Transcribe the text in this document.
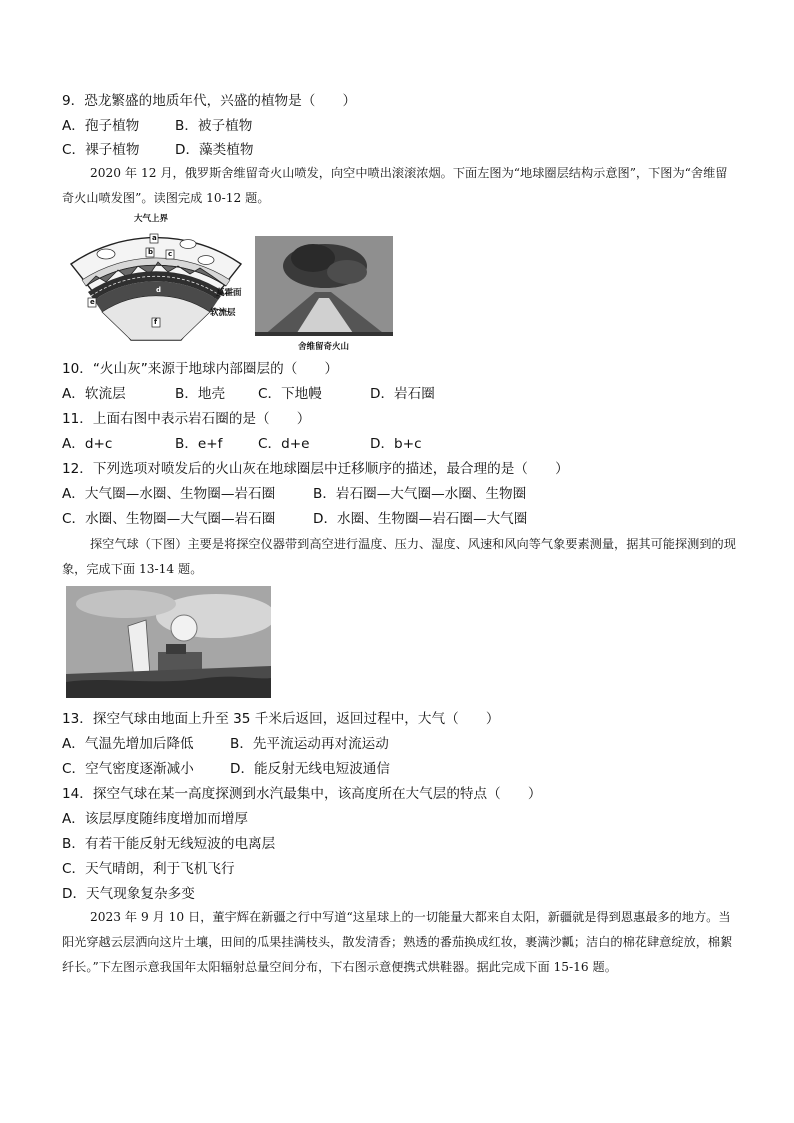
9．恐龙繁盛的地质年代，兴盛的植物是（　　）
A．孢子植物	B．被子植物
C．裸子植物	D．藻类植物
2020 年 12 月，俄罗斯舍维留奇火山喷发，向空中喷出滚滚浓烟。下面左图为“地球圈层结构示意图”，下图为“舍维留奇火山喷发图”。读图完成 10-12 题。
大气上界
a
b c
d
e
f
莫霍面
软流层
舍维留奇火山
10．“火山灰”来源于地球内部圈层的（　　）
A．软流层	B．地壳 C．下地幔	D．岩石圈
11．上面右图中表示岩石圈的是（　　）
A．d+c	B．e+f	C．d+e	D．b+c
12．下列选项对喷发后的火山灰在地球圈层中迁移顺序的描述，最合理的是（　　）
A．大气圈—水圈、生物圈—岩石圈	B．岩石圈—大气圈—水圈、生物圈
C．水圈、生物圈—大气圈—岩石圈	D．水圈、生物圈—岩石圈—大气圈
探空气球（下图）主要是将探空仪器带到高空进行温度、压力、湿度、风速和风向等气象要素测量，据其可能探测到的现象，完成下面 13-14 题。
13．探空气球由地面上升至 35 千米后返回，返回过程中，大气（　　）
A．气温先增加后降低	B．先平流运动再对流运动
C．空气密度逐渐减小	D．能反射无线电短波通信
14．探空气球在某一高度探测到水汽最集中，该高度所在大气层的特点（　　）
A．该层厚度随纬度增加而增厚
B．有若干能反射无线短波的电离层
C．天气晴朗，利于飞机飞行
D．天气现象复杂多变
2023 年 9 月 10 日，董宇辉在新疆之行中写道“这星球上的一切能量大都来自太阳，新疆就是得到恩惠最多的地方。当阳光穿越云层洒向这片土壤，田间的瓜果挂满枝头，散发清香；熟透的番茄换成红妆，裹满沙瓤；洁白的棉花肆意绽放，棉絮纤长。”下左图示意我国年太阳辐射总量空间分布，下右图示意便携式烘鞋器。据此完成下面 15-16 题。
